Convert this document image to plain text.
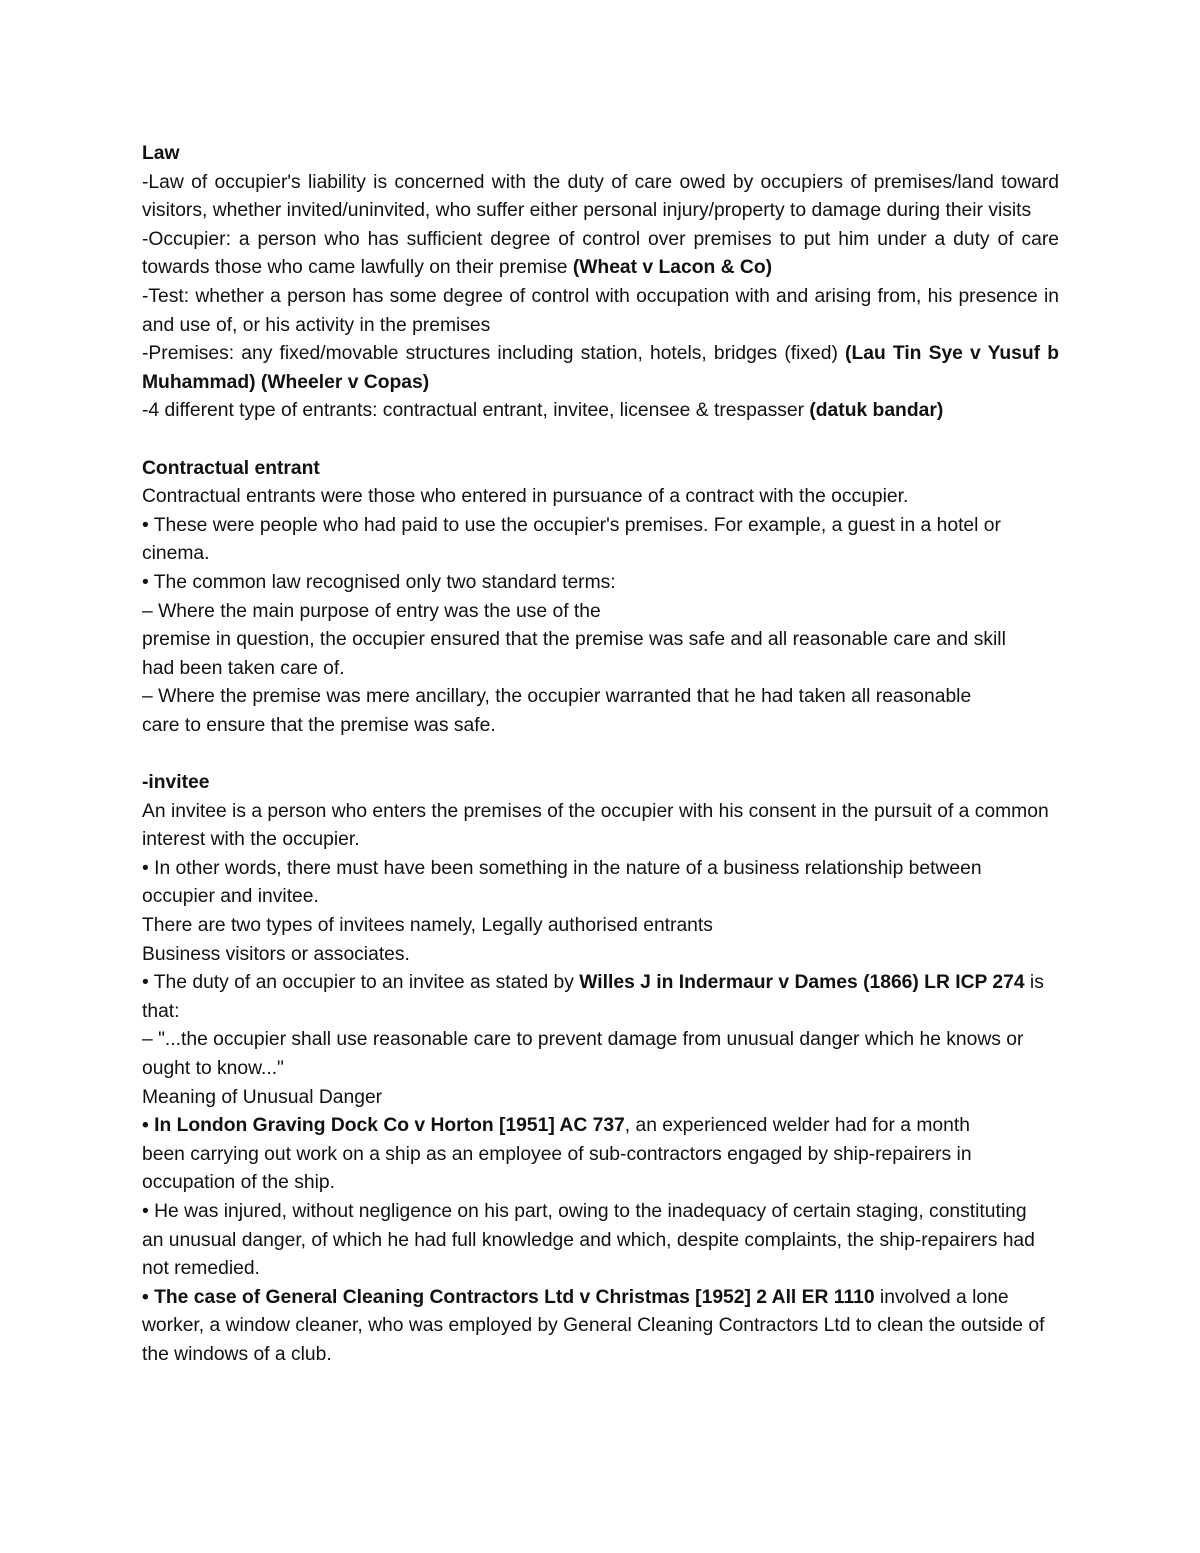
Law

-Law of occupier's liability is concerned with the duty of care owed by occupiers of premises/land toward visitors, whether invited/uninvited, who suffer either personal injury/property to damage during their visits

-Occupier: a person who has sufficient degree of control over premises to put him under a duty of care towards those who came lawfully on their premise (Wheat v Lacon & Co)

-Test: whether a person has some degree of control with occupation with and arising from, his presence in and use of, or his activity in the premises

-Premises: any fixed/movable structures including station, hotels, bridges (fixed) (Lau Tin Sye v Yusuf b Muhammad) (Wheeler v Copas)

-4 different type of entrants: contractual entrant, invitee, licensee & trespasser (datuk bandar)

Contractual entrant

Contractual entrants were those who entered in pursuance of a contract with the occupier.

• These were people who had paid to use the occupier's premises. For example, a guest in a hotel or cinema.

• The common law recognised only two standard terms:

– Where the main purpose of entry was the use of the

premise in question, the occupier ensured that the premise was safe and all reasonable care and skill had been taken care of.

– Where the premise was mere ancillary, the occupier warranted that he had taken all reasonable care to ensure that the premise was safe.

-invitee

An invitee is a person who enters the premises of the occupier with his consent in the pursuit of a common interest with the occupier.

• In other words, there must have been something in the nature of a business relationship between occupier and invitee.

There are two types of invitees namely, Legally authorised entrants

Business visitors or associates.

• The duty of an occupier to an invitee as stated by Willes J in Indermaur v Dames (1866) LR ICP 274 is that:

– "...the occupier shall use reasonable care to prevent damage from unusual danger which he knows or ought to know..."

Meaning of Unusual Danger

• In London Graving Dock Co v Horton [1951] AC 737, an experienced welder had for a month been carrying out work on a ship as an employee of sub-contractors engaged by ship-repairers in occupation of the ship.

• He was injured, without negligence on his part, owing to the inadequacy of certain staging, constituting an unusual danger, of which he had full knowledge and which, despite complaints, the ship-repairers had not remedied.

• The case of General Cleaning Contractors Ltd v Christmas [1952] 2 All ER 1110 involved a lone worker, a window cleaner, who was employed by General Cleaning Contractors Ltd to clean the outside of the windows of a club.
